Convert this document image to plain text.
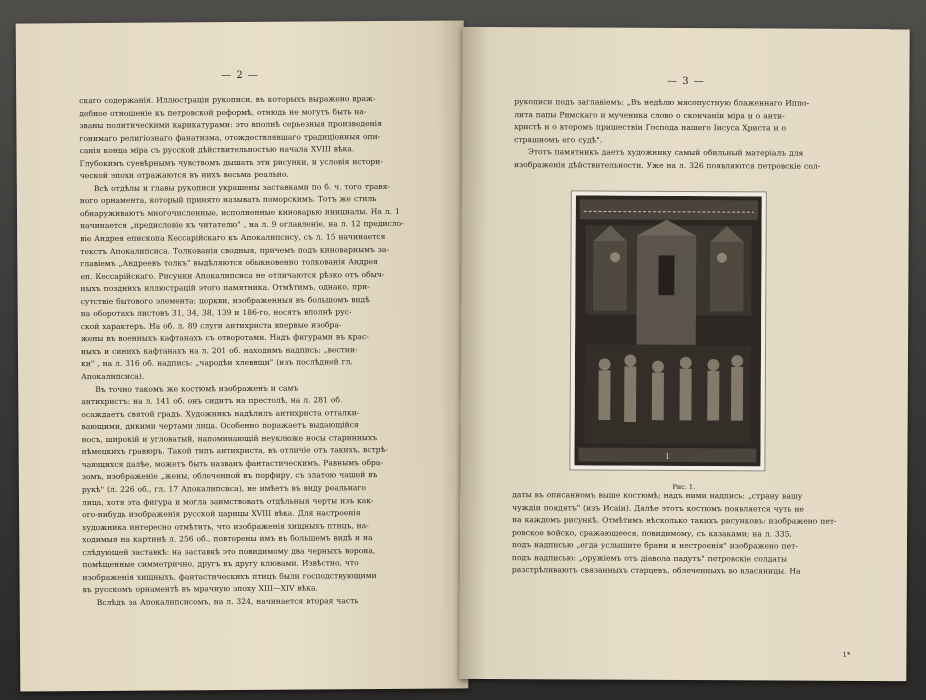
— 2 —
скаго содержанія. Иллюстраціи рукописи, въ которыхъ выражено враж-
дебное отношеніе къ петровской реформѣ, отнюдь не могутъ быть на-
званы политическими карикатурами: это вполнѣ серьезныя произведенія
гонимаго религіознаго фанатизма, отождествлявшаго традиціонныя опи-
санія конца міра съ русской дѣйствительностью начала XVIII вѣка.
Глубокимъ суевѣрнымъ чувствомъ дышать эти рисунки, и условія истори-
ческой эпохи отражаются въ нихъ весьма реально.
Всѣ отдѣлы и главы рукописи украшены заставками по б. ч. того травя-
ного орнамента, который принято называть поморскимъ. Тотъ же стиль
обнаруживаютъ многочисленные, исполненные киноварью инициалы. На л. 1
начинается „предисловіе къ читателю" , на л. 9 оглавленіе, на л. 12 предисло-
віе Андрея епископа Кессарійскаго къ Апокалипсису, съ л. 15 начинается
текстъ Апокалипсиса. Толкованія сводныя, причемъ подъ киноварнымъ за-
главіемъ „Андреевъ толкъ" выдѣляются обыкновенно толкованія Андрея
еп. Кессарійскаго. Рисунки Апокалипсиса не отличаются рѣзко отъ обыч-
ныхъ позднихъ иллюстрацій этого памятника. Отмѣтимъ, однако, при-
сутствіе бытового элемента: церкви, изображенныя въ большомъ видѣ
на оборотахъ листовъ 31, 34, 38, 139 и 186-го, носятъ вполнѣ рус-
ской характеръ. На об. л. 89 слуги антихриста впервые изобра-
жены въ военныхъ кафтанахъ съ отворотами. Надъ фигурами въ крас-
ныхъ и синихъ кафтанахъ на л. 201 об. находимъ надпись: „вестни-
ки" , на л. 316 об. надпись: „чародѣи хлеввщи" (изъ послѣдней гл.
Апокалипсиса).
Въ точно такомъ же костюмѣ изображенъ и самъ
антихристъ: на л. 141 об. онъ сидитъ на престолѣ, на л. 281 об.
осаждаетъ святой градъ. Художникъ надѣлилъ антихриста отталки-
вающими, дикими чертами лица. Особенно поражаетъ выдающійся
носъ, широкій и угловатый, напоминающій неуклюже носы старинныхъ
нѣмецкихъ гравюръ. Такой типъ антихриста, въ отличіе отъ такихъ, встрѣ-
чающихся далѣе, можетъ быть названъ фантастическимъ. Равнымъ обра-
зомъ, изображеніе „жены, облеченной въ порфиру, съ златою чашей въ
рукѣ" (л. 226 об., гл. 17 Апокалипсиса), не имѣетъ въ виду реальнаго
лица, хотя эта фигура и могла заимствовать отдѣльныя черты изъ как-
ого-нибудь изображенія русской царицы XVIII вѣка. Для настроенія
художника интересно отмѣтить, что изображенія хищныхъ птицъ, на-
ходимыя на картинѣ л. 256 об., повторены имъ въ большемъ видѣ и на
слѣдующей заставкѣ: на заставкѣ это повидимому два черныхъ ворона,
помѣщенные симметрично, другъ въ другу клювами. Извѣстно, что
изображенія хищныхъ, фантастическихъ птицъ были господствующими
въ русскомъ орнаментѣ въ мрачную эпоху XIII—XIV вѣка.
Вслѣдъ за Апокалипсисомъ, на л. 324, начинается вторая часть
— 3 —
рукописи подъ заглавіемъ: „Въ недѣлю мясопустную блаженнаго Иппо-
лита папы Римскаго и мученика слово о скончаніи міра и о анти-
христѣ и о второмъ пришествіи Господа нашего Іисуса Христа и о
страшномъ его судѣ".
Этотъ памятникъ даетъ художнику самый обильный матеріалъ для
изображенія дѣйствительности. Уже на л. 326 появляются петровскіе сол-
1
Рис. 1.
даты въ описанномъ выше костюмѣ; надъ ними надпись: „страну вашу
чуждіи поядятъ" (изъ Исаіи). Далѣе этотъ костюмъ появляется чуть не
на каждомъ рисункѣ. Отмѣтимъ нѣсколько такихъ рисунковъ: изображено пет-
ровское войско, сражающееся, повидимому, съ казаками; на л. 335,
подъ надписью „егда услышите брани и нестроенія" изображено пет-
подъ надписью: „оружіемъ отъ діавола падутъ" петровскіе солдаты
разстрѣливаютъ связанныхъ старцевъ, облеченныхъ во власяницы. На
1*
